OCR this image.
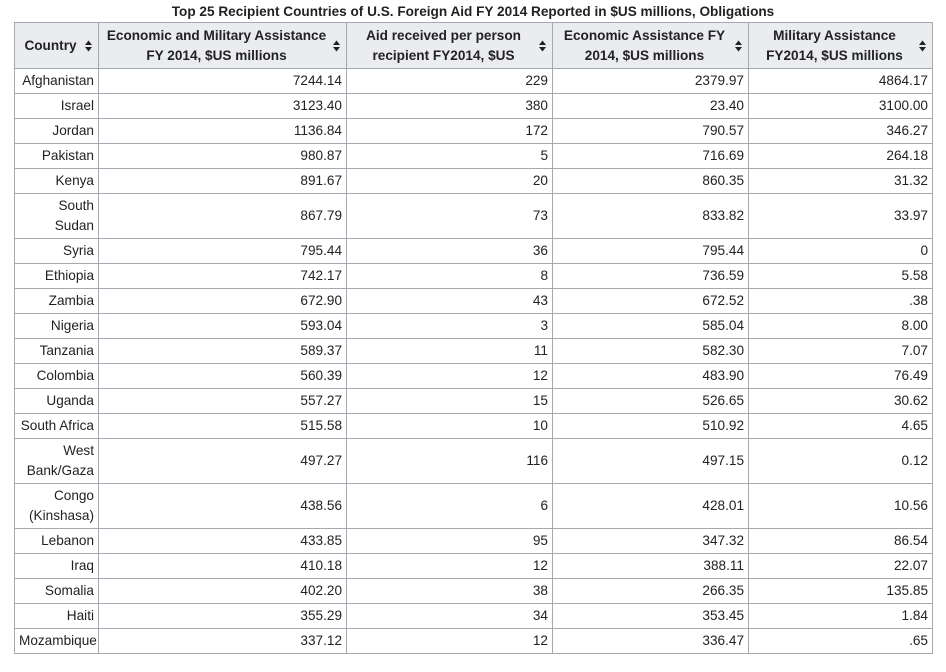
Top 25 Recipient Countries of U.S. Foreign Aid FY 2014 Reported in $US millions, Obligations
Country	Economic and Military Assistance FY 2014, $US millions	Aid received per person recipient FY2014, $US	Economic Assistance FY 2014, $US millions	Military Assistance FY2014, $US millions

Afghanistan	7244.14	229	2379.97	4864.17
Israel	3123.40	380	23.40	3100.00
Jordan	1136.84	172	790.57	346.27
Pakistan	980.87	5	716.69	264.18
Kenya	891.67	20	860.35	31.32
South Sudan	867.79	73	833.82	33.97
Syria	795.44	36	795.44	0
Ethiopia	742.17	8	736.59	5.58
Zambia	672.90	43	672.52	.38
Nigeria	593.04	3	585.04	8.00
Tanzania	589.37	11	582.30	7.07
Colombia	560.39	12	483.90	76.49
Uganda	557.27	15	526.65	30.62
South Africa	515.58	10	510.92	4.65
West Bank/Gaza	497.27	116	497.15	0.12
Congo (Kinshasa)	438.56	6	428.01	10.56
Lebanon	433.85	95	347.32	86.54
Iraq	410.18	12	388.11	22.07
Somalia	402.20	38	266.35	135.85
Haiti	355.29	34	353.45	1.84
Mozambique	337.12	12	336.47	.65
